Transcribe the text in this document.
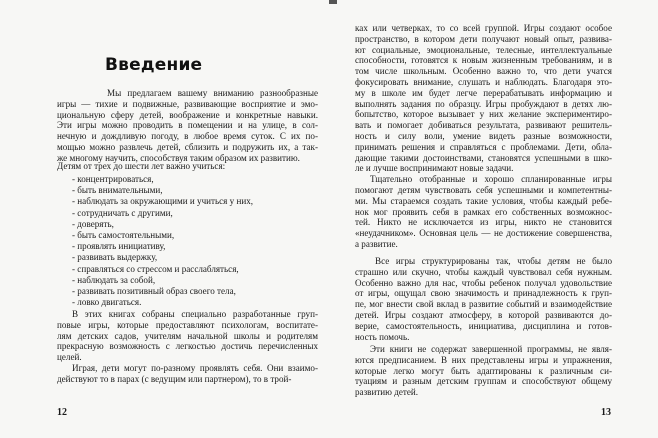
Введение
12
Мы предлагаем вашему вниманию разнообразные
игры — тихие и подвижные, развивающие восприятие и эмо-
циональную сферу детей, воображение и конкретные навыки.
Эти игры можно проводить в помещении и на улице, в сол-
нечную и дождливую погоду, в любое время суток. С их по-
мощью можно развлечь детей, сблизить и подружить их, а так-
же многому научить, способствуя таким образом их развитию.
Детям от трех до шести лет важно учиться:
- концентрироваться,
- быть внимательными,
- наблюдать за окружающими и учиться у них,
- сотрудничать с другими,
- доверять,
- быть самостоятельными,
- проявлять инициативу,
- развивать выдержку,
- справляться со стрессом и расслабляться,
- наблюдать за собой,
- развивать позитивный образ своего тела,
- ловко двигаться.
В этих книгах собраны специально разработанные груп-
повые игры, которые предоставляют психологам, воспитате-
лям детских садов, учителям начальной школы и родителям
прекрасную возможность с легкостью достичь перечисленных
целей.
Играя, дети могут по-разному проявлять себя. Они взаимо-
действуют то в парах (с ведущим или партнером), то в трой-
13
ках или четверках, то со всей группой. Игры создают особое
пространство, в котором дети получают новый опыт, развива-
ют социальные, эмоциональные, телесные, интеллектуальные
способности, готовятся к новым жизненным требованиям, и в
том числе школьным. Особенно важно то, что дети учатся
фокусировать внимание, слушать и наблюдать. Благодаря это-
му в школе им будет легче перерабатывать информацию и
выполнять задания по образцу. Игры пробуждают в детях лю-
бопытство, которое вызывает у них желание экспериментиро-
вать и помогает добиваться результата, развивают решитель-
ность и силу воли, умение видеть разные возможности,
принимать решения и справляться с проблемами. Дети, обла-
дающие такими достоинствами, становятся успешными в шко-
ле и лучше воспринимают новые задачи.
Тщательно отобранные и хорошо спланированные игры
помогают детям чувствовать себя успешными и компетентны-
ми. Мы стараемся создать такие условия, чтобы каждый ребе-
нок мог проявить себя в рамках его собственных возможнос-
тей. Никто не исключается из игры, никто не становится
«неудачником». Основная цель — не достижение совершенства,
а развитие.
Все игры структурированы так, чтобы детям не было
страшно или скучно, чтобы каждый чувствовал себя нужным.
Особенно важно для нас, чтобы ребенок получал удовольствие
от игры, ощущал свою значимость и принадлежность к груп-
пе, мог внести свой вклад в развитие событий и взаимодействие
детей. Игры создают атмосферу, в которой развиваются до-
верие, самостоятельность, инициатива, дисциплина и готов-
ность помочь.
Эти книги не содержат завершенной программы, не явля-
ются предписанием. В них представлены игры и упражнения,
которые легко могут быть адаптированы к различным си-
туациям и разным детским группам и способствуют общему
развитию детей.
